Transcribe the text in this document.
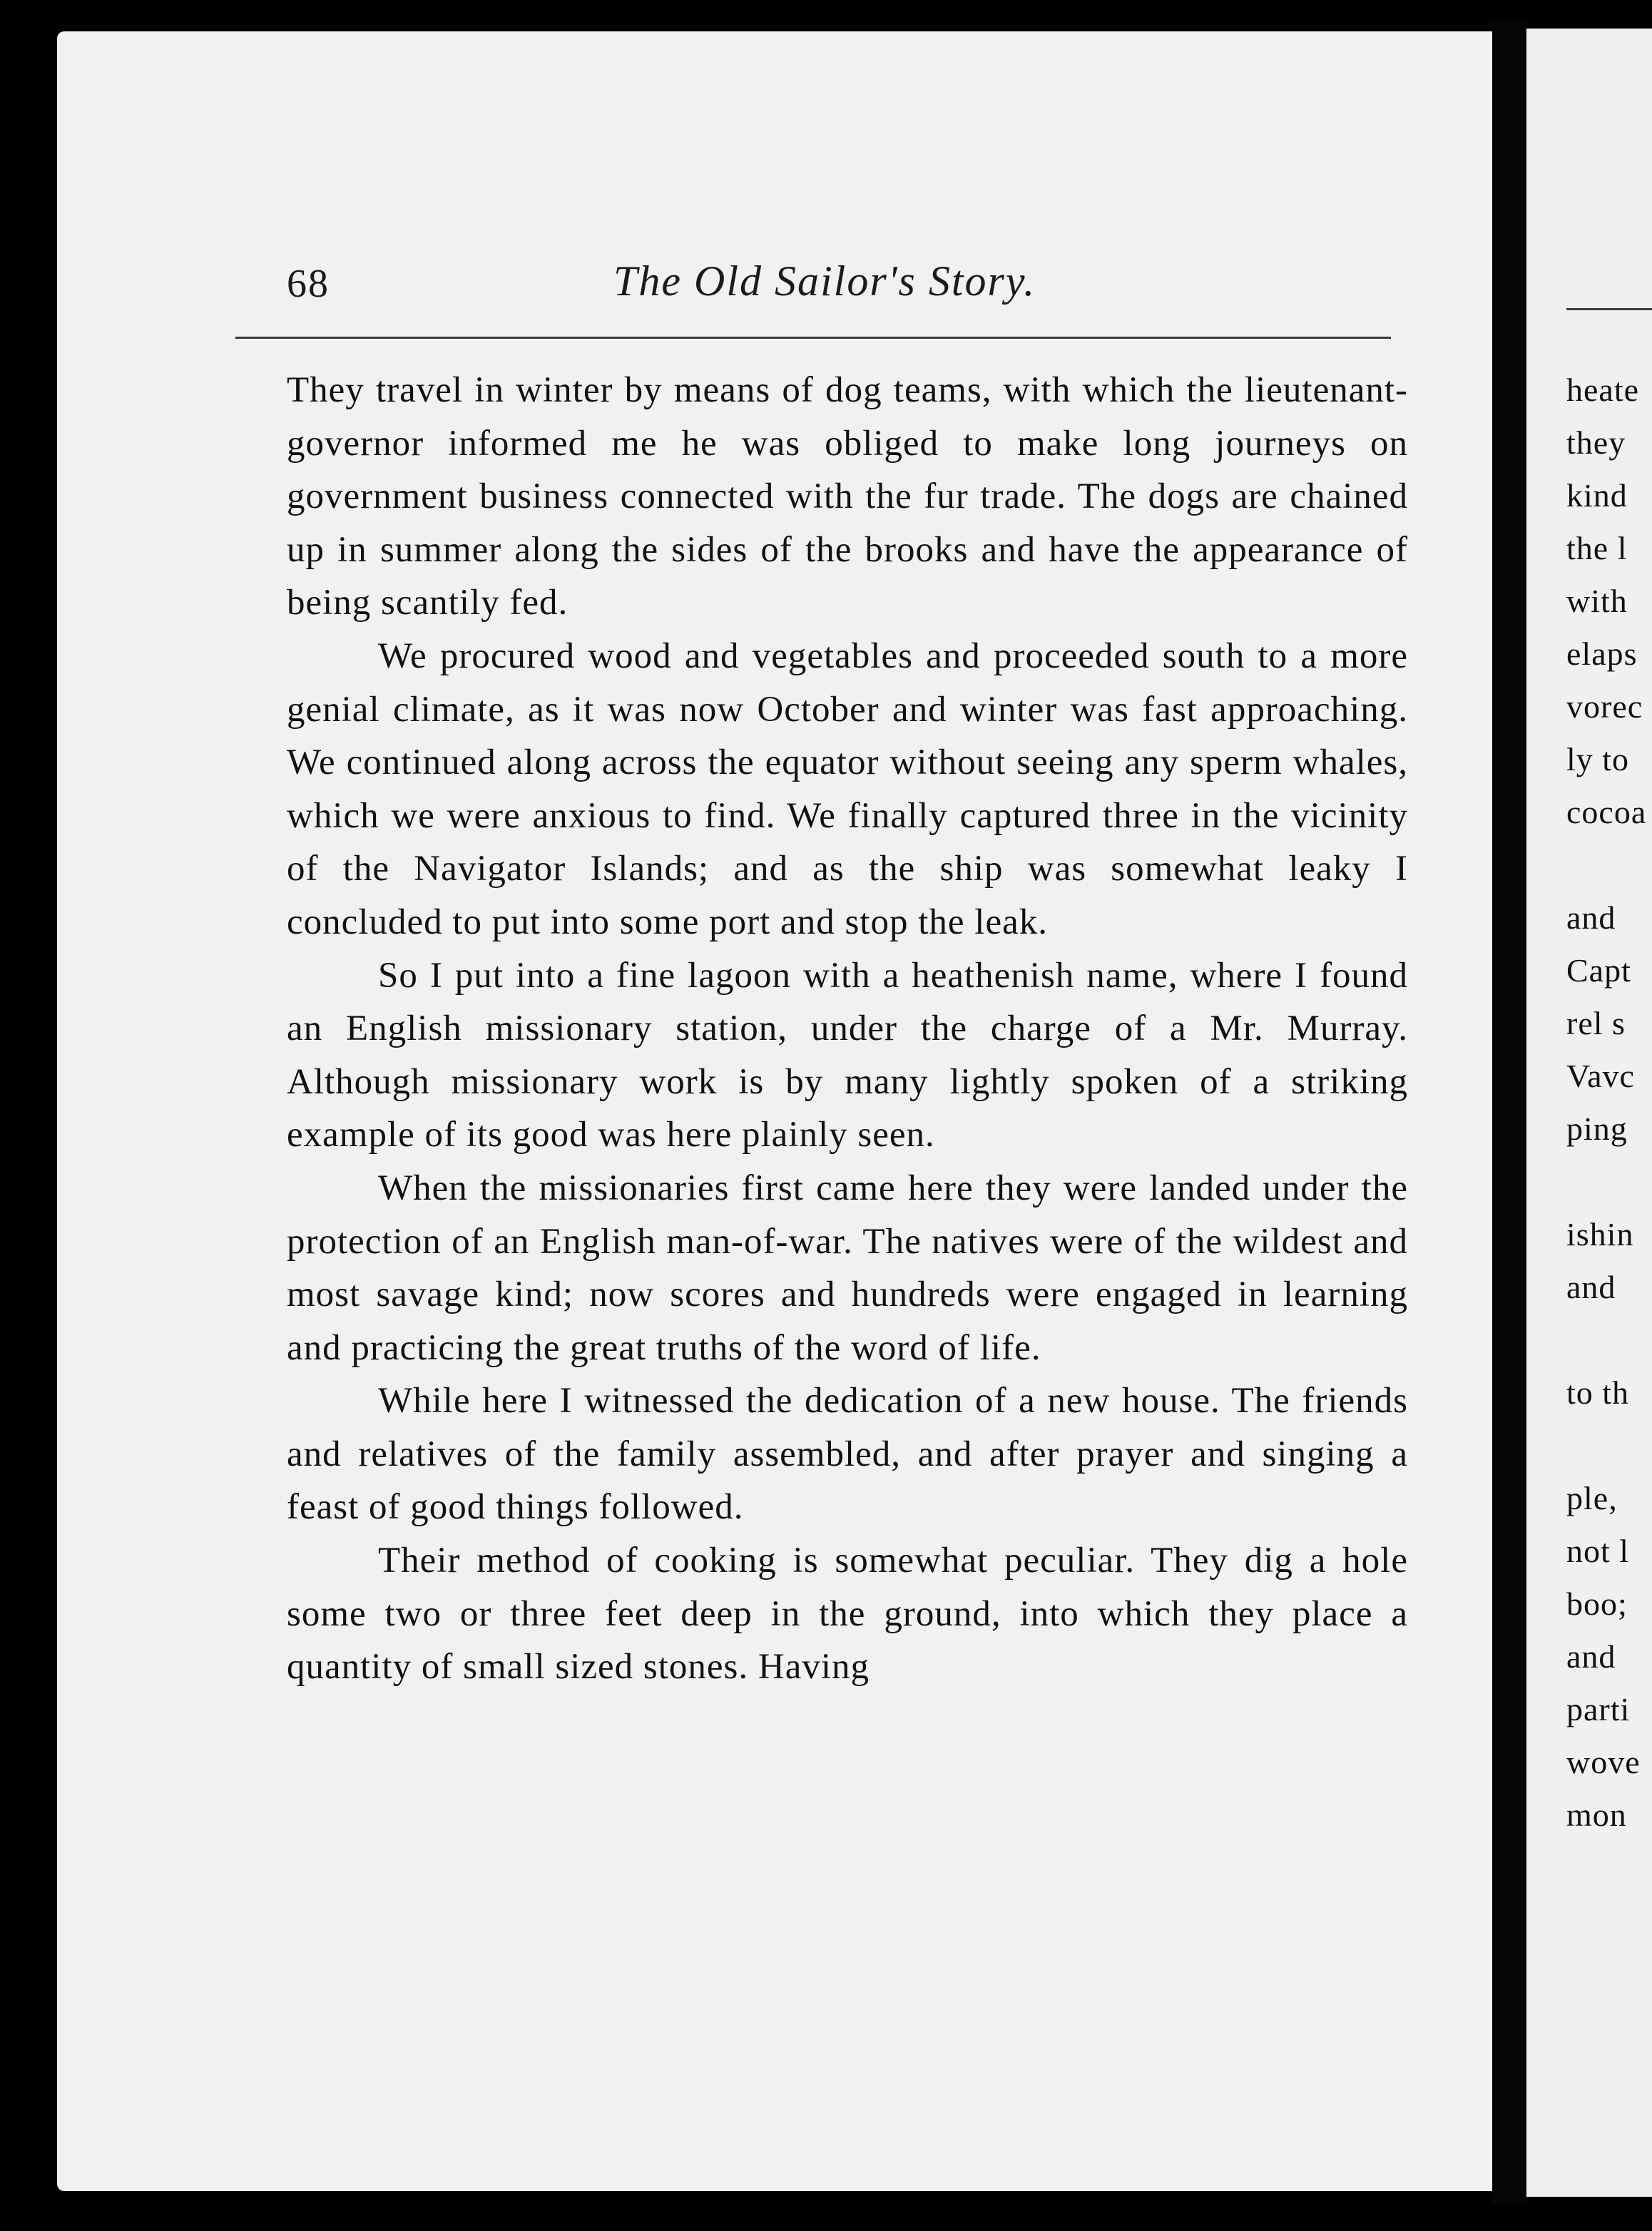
68	The Old Sailor's Story.

They travel in winter by means of dog teams, with which the lieutenant-governor informed me he was obliged to make long journeys on government business connected with the fur trade. The dogs are chained up in summer along the sides of the brooks and have the appearance of being scantily fed.

We procured wood and vegetables and proceeded south to a more genial climate, as it was now October and winter was fast approaching. We continued along across the equator without seeing any sperm whales, which we were anxious to find. We finally captured three in the vicinity of the Navigator Islands; and as the ship was somewhat leaky I concluded to put into some port and stop the leak.

So I put into a fine lagoon with a heathenish name, where I found an English missionary station, under the charge of a Mr. Murray. Although missionary work is by many lightly spoken of a striking example of its good was here plainly seen.

When the missionaries first came here they were landed under the protection of an English man-of-war. The natives were of the wildest and most savage kind; now scores and hundreds were engaged in learning and practicing the great truths of the word of life.

While here I witnessed the dedication of a new house. The friends and relatives of the family assembled, and after prayer and singing a feast of good things followed.

Their method of cooking is somewhat peculiar. They dig a hole some two or three feet deep in the ground, into which they place a quantity of small sized stones. Having

heate
they
kind
the l
with
elaps
vorec
ly to
cocoa
and
Capt
rel s
Vavc
ping
ishin
and
to th
ple,
not l
boo;
and
parti
wove
mon
